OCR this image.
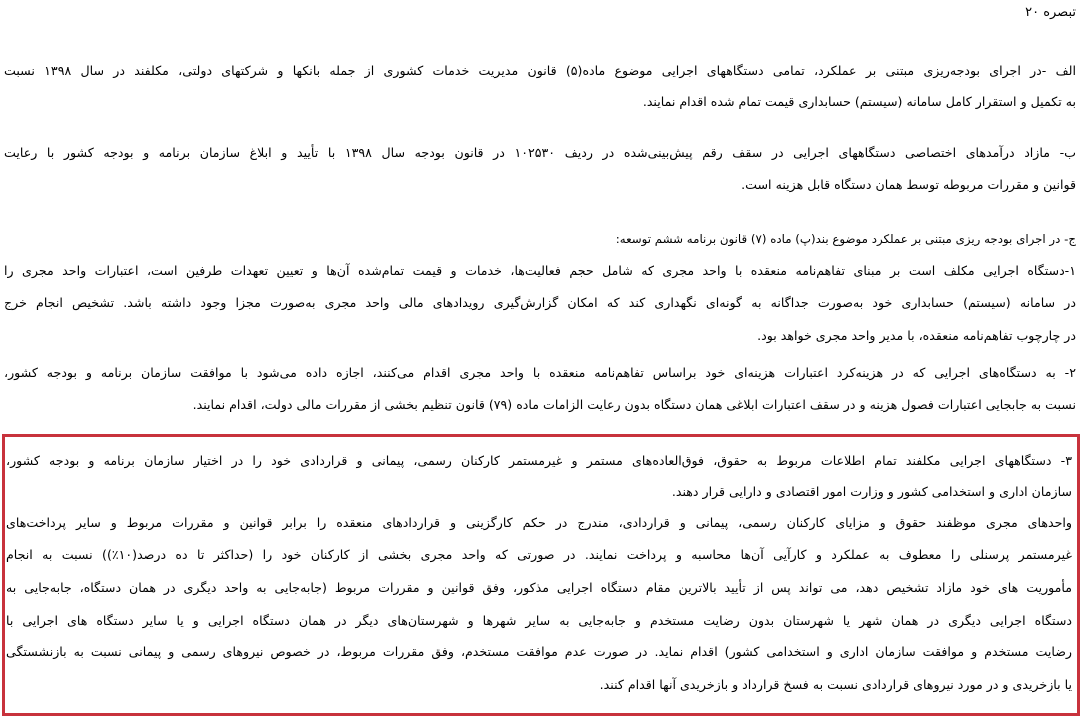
تبصره ۲۰
الف -در اجرای بودجه‌ریزی مبتنی بر عملکرد، تمامی دستگاههای اجرایی موضوع ماده(۵) قانون مدیریت خدمات کشوری از جمله بانکها و شرکتهای دولتی، مکلفند در سال ۱۳۹۸ نسبت
به تکمیل و استقرار کامل سامانه (سیستم) حسابداری قیمت تمام شده اقدام نمایند.
ب- مازاد درآمدهای اختصاصی دستگاههای اجرایی در سقف رقم پیش‌بینی‌شده در ردیف ۱۰۲۵۳۰ در قانون بودجه سال ۱۳۹۸ با تأیید و ابلاغ سازمان برنامه و بودجه کشور با رعایت
قوانین و مقررات مربوطه توسط همان دستگاه قابل هزینه است.
ج- در اجرای بودجه ریزی مبتنی بر عملکرد موضوع بند(پ) ماده (۷) قانون برنامه ششم توسعه:
۱-دستگاه اجرایی مکلف است بر مبنای تفاهم‌نامه منعقده با واحد مجری که شامل حجم فعالیت‌ها، خدمات و قیمت تمام‌شده آن‌ها و تعیین تعهدات طرفین است، اعتبارات واحد مجری را
در سامانه (سیستم) حسابداری خود به‌صورت جداگانه به گونه‌ای نگهداری کند که امکان گزارش‌گیری رویدادهای مالی واحد مجری به‌صورت مجزا وجود داشته باشد. تشخیص انجام خرج
در چارچوب تفاهم‌نامه منعقده، با مدیر واحد مجری خواهد بود.
۲- به دستگاه‌های اجرایی که در هزینه‌کرد اعتبارات هزینه‌ای خود براساس تفاهم‌نامه منعقده با واحد مجری اقدام می‌کنند، اجازه داده می‌شود با موافقت سازمان برنامه و بودجه کشور،
نسبت به جابجایی اعتبارات فصول هزینه و در سقف اعتبارات ابلاغی همان دستگاه بدون رعایت الزامات ماده (۷۹) قانون تنظیم بخشی از مقررات مالی دولت، اقدام نمایند.
۳- دستگاههای اجرایی مکلفند تمام اطلاعات مربوط به حقوق، فوق‌العاده‌های مستمر و غیرمستمر کارکنان رسمی، پیمانی و قراردادی خود را در اختیار سازمان برنامه و بودجه کشور،
سازمان اداری و استخدامی کشور و وزارت امور اقتصادی و دارایی قرار دهند.
واحدهای مجری موظفند حقوق و مزایای کارکنان رسمی، پیمانی و قراردادی، مندرج در حکم کارگزینی و قراردادهای منعقده را برابر قوانین و مقررات مربوط و سایر پرداخت‌های
غیرمستمر پرسنلی را معطوف به عملکرد و کارآیی آن‌ها محاسبه و پرداخت نمایند. در صورتی که واحد مجری بخشی از کارکنان خود را (حداکثر تا ده درصد(۱۰٪)) نسبت به انجام
مأموریت های خود مازاد تشخیص دهد، می تواند پس از تأیید بالاترین مقام دستگاه اجرایی مذکور، وفق قوانین و مقررات مربوط (جابه‌جایی به واحد دیگری در همان دستگاه، جابه‌جایی به
دستگاه اجرایی دیگری در همان شهر یا شهرستان بدون رضایت مستخدم و جابه‌جایی به سایر شهرها و شهرستان‌های دیگر در همان دستگاه اجرایی و یا سایر دستگاه های اجرایی با
رضایت مستخدم و موافقت سازمان اداری و استخدامی کشور) اقدام نماید. در صورت عدم موافقت مستخدم، وفق مقررات مربوط، در خصوص نیروهای رسمی و پیمانی نسبت به بازنشستگی
یا بازخریدی و در مورد نیروهای قراردادی نسبت به فسخ قرارداد و بازخریدی آنها اقدام کنند.
